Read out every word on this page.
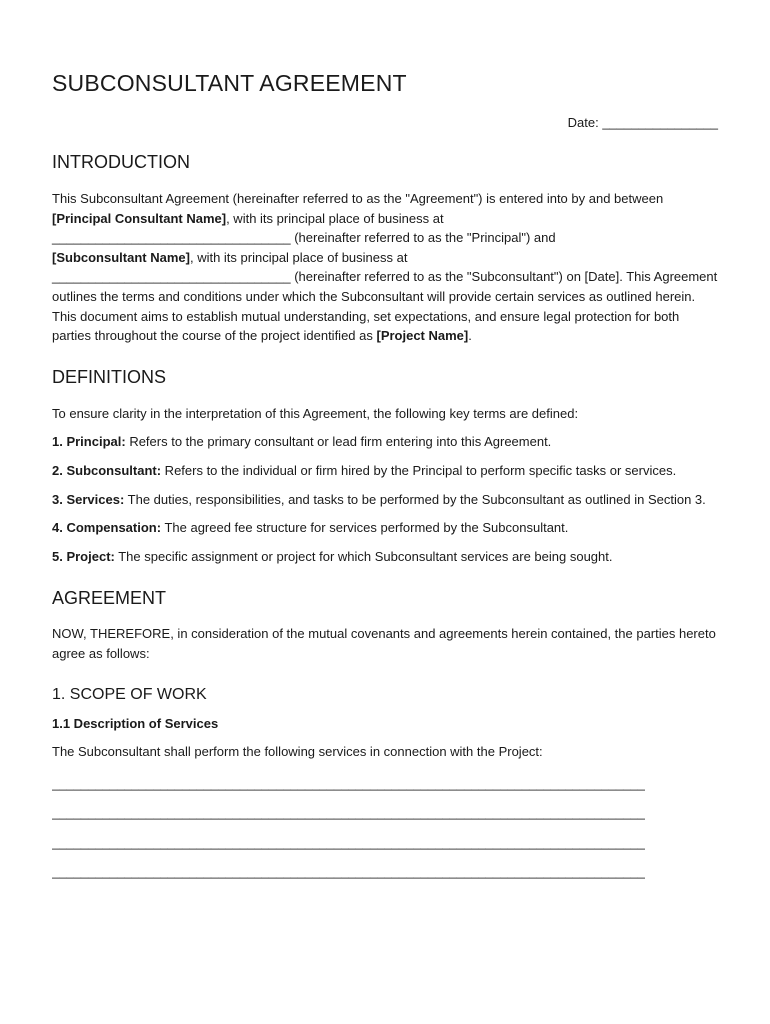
SUBCONSULTANT AGREEMENT
Date: ________________
INTRODUCTION

This Subconsultant Agreement (hereinafter referred to as the "Agreement") is entered into by and between [Principal Consultant Name], with its principal place of business at
_________________________________ (hereinafter referred to as the "Principal") and
[Subconsultant Name], with its principal place of business at
_________________________________ (hereinafter referred to as the "Subconsultant") on [Date]. This Agreement outlines the terms and conditions under which the Subconsultant will provide certain services as outlined herein. This document aims to establish mutual understanding, set expectations, and ensure legal protection for both parties throughout the course of the project identified as [Project Name].

DEFINITIONS

To ensure clarity in the interpretation of this Agreement, the following key terms are defined:

1. Principal: Refers to the primary consultant or lead firm entering into this Agreement.

2. Subconsultant: Refers to the individual or firm hired by the Principal to perform specific tasks or services.

3. Services: The duties, responsibilities, and tasks to be performed by the Subconsultant as outlined in Section 3.

4. Compensation: The agreed fee structure for services performed by the Subconsultant.

5. Project: The specific assignment or project for which Subconsultant services are being sought.

AGREEMENT

NOW, THEREFORE, in consideration of the mutual covenants and agreements herein contained, the parties hereto agree as follows:

1. SCOPE OF WORK
1.1 Description of Services

The Subconsultant shall perform the following services in connection with the Project:

__________________________________________________________________________________
__________________________________________________________________________________
__________________________________________________________________________________
__________________________________________________________________________________
